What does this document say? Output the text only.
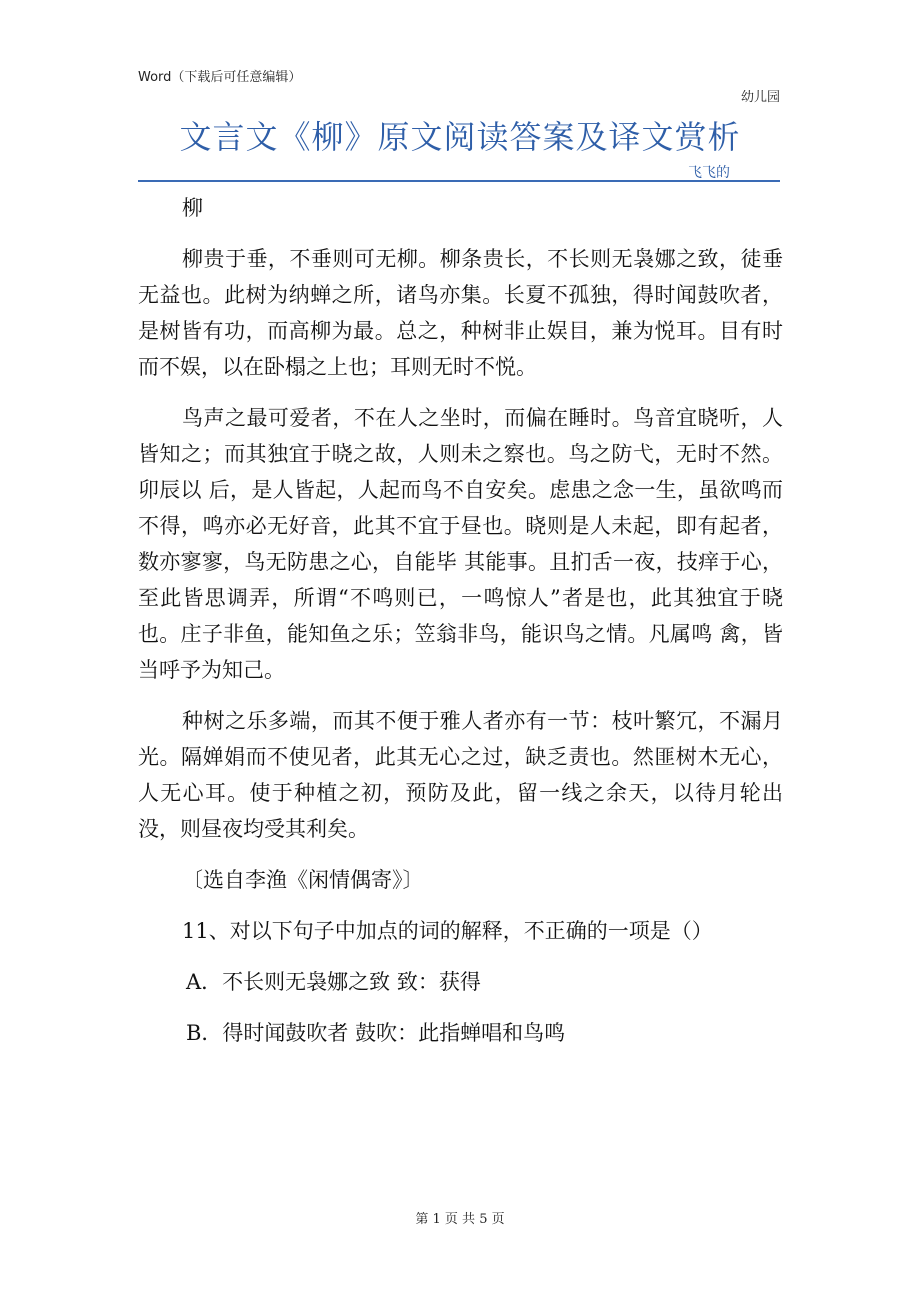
Word（下载后可任意编辑）
幼儿园
文言文《柳》原文阅读答案及译文赏析
飞飞的

柳

柳贵于垂，不垂则可无柳。柳条贵长，不长则无袅娜之致，徒垂无益也。此树为纳蝉之所，诸鸟亦集。长夏不孤独，得时闻鼓吹者，是树皆有功，而高柳为最。总之，种树非止娱目，兼为悦耳。目有时而不娱，以在卧榻之上也；耳则无时不悦。

鸟声之最可爱者，不在人之坐时，而偏在睡时。鸟音宜晓听，人皆知之；而其独宜于晓之故，人则未之察也。鸟之防弋，无时不然。卯辰以 后，是人皆起，人起而鸟不自安矣。虑患之念一生，虽欲鸣而不得，鸣亦必无好音，此其不宜于昼也。晓则是人未起，即有起者，数亦寥寥，鸟无防患之心，自能毕 其能事。且扪舌一夜，技痒于心，至此皆思调弄，所谓“不鸣则已，一鸣惊人”者是也，此其独宜于晓也。庄子非鱼，能知鱼之乐；笠翁非鸟，能识鸟之情。凡属鸣 禽，皆当呼予为知己。

种树之乐多端，而其不便于雅人者亦有一节：枝叶繁冗，不漏月光。隔婵娟而不使见者，此其无心之过，缺乏责也。然匪树木无心，人无心耳。使于种植之初，预防及此，留一线之余天，以待月轮出没，则昼夜均受其利矣。

〔选自李渔《闲情偶寄》〕

11、对以下句子中加点的词的解释，不正确的一项是（）

A．不长则无袅娜之致 致：获得

B．得时闻鼓吹者 鼓吹：此指蝉唱和鸟鸣

第 1 页 共 5 页
